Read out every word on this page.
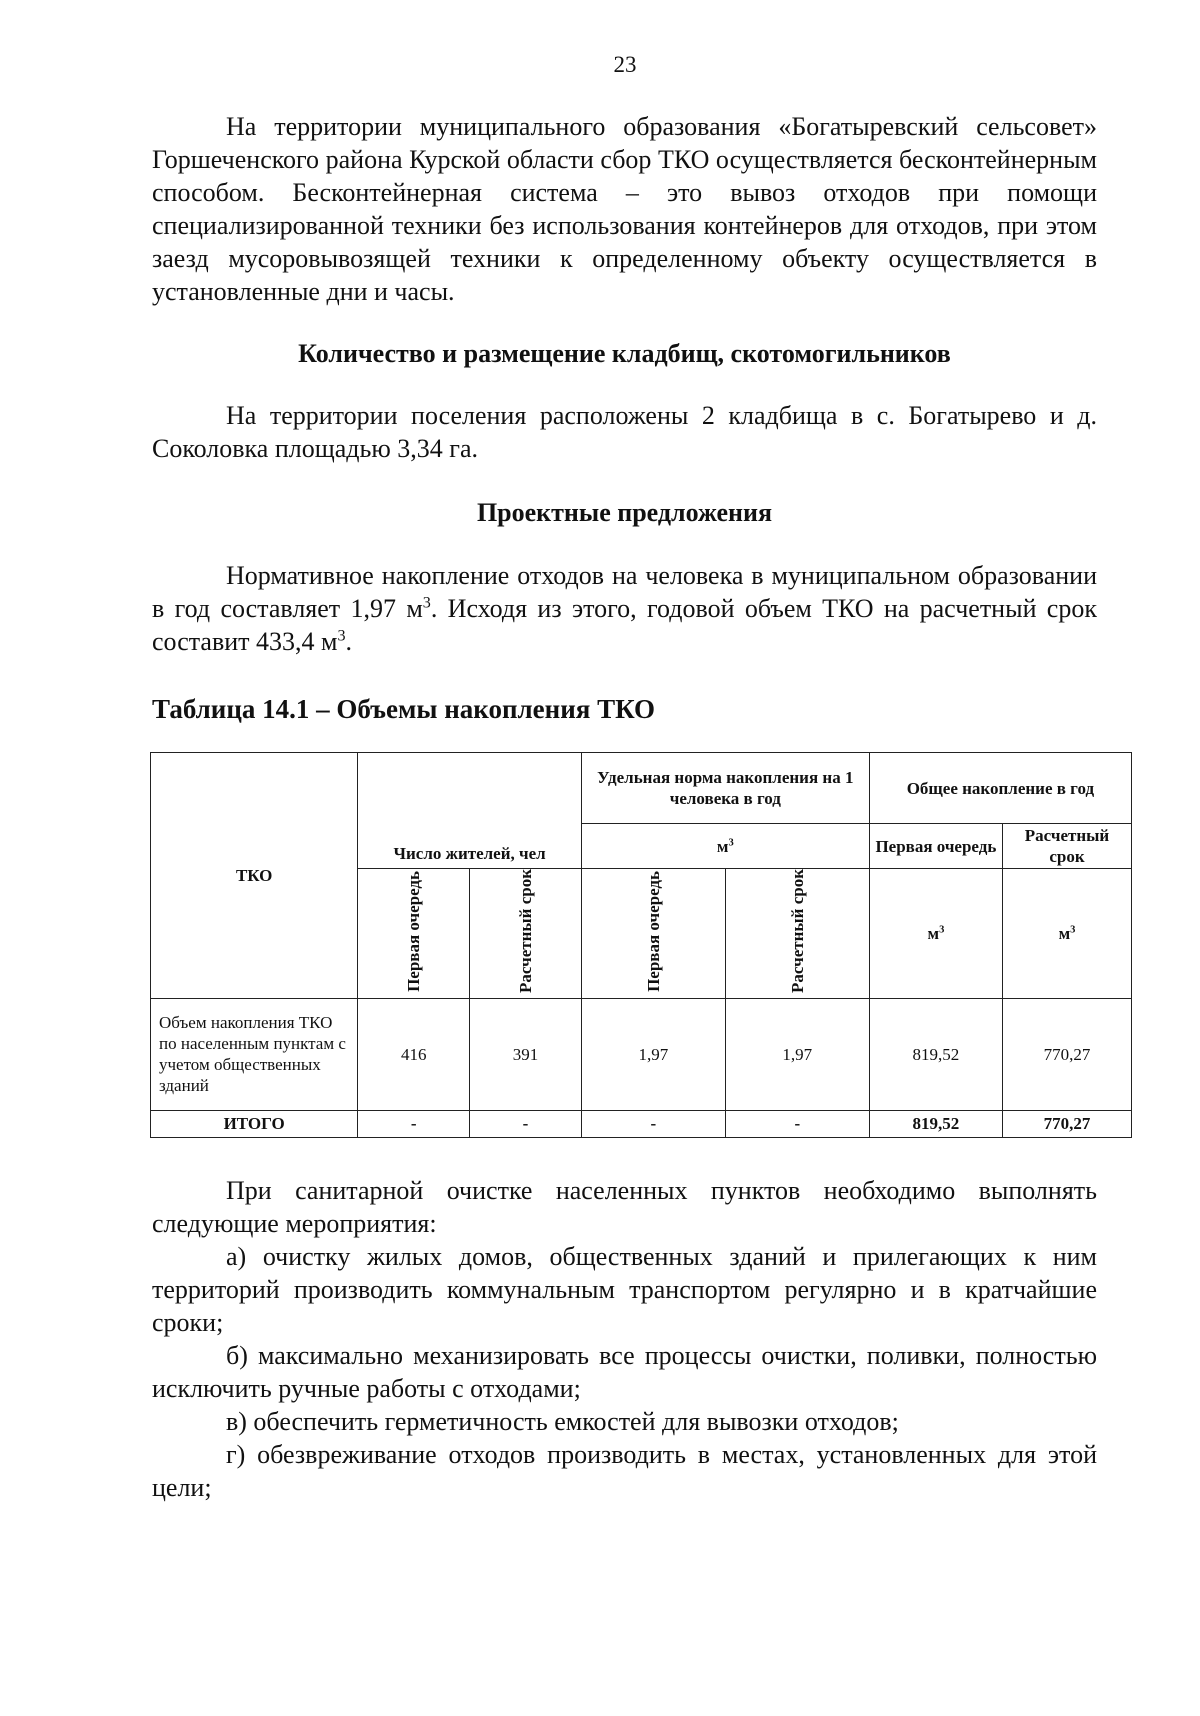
23

На территории муниципального образования «Богатыревский сельсовет» Горшеченского района Курской области сбор ТКО осуществляется бесконтейнерным способом. Бесконтейнерная система – это вывоз отходов при помощи специализированной техники без использования контейнеров для отходов, при этом заезд мусоровывозящей техники к определенному объекту осуществляется в установленные дни и часы.

Количество и размещение кладбищ, скотомогильников

На территории поселения расположены 2 кладбища в с. Богатырево и д. Соколовка площадью 3,34 га.

Проектные предложения

Нормативное накопление отходов на человека в муниципальном образовании в год составляет 1,97 $м^3$. Исходя из этого, годовой объем ТКО на расчетный срок составит 433,4 $м^3$.

Таблица 14.1 – Объемы накопления ТКО
ТКО	Число жителей, чел		Удельная норма накопления на 1 человека в год		Общее накопление в год	
			$м^3$		Первая очередь	Расчетный срок
	Первая очередь	Расчетный срок	Первая очередь	Расчетный срок	$м^3$	$м^3$
Объем накопления ТКО по населенным пунктам с учетом общественных зданий	416	391	1,97	1,97	819,52	770,27
ИТОГО	-	-	-	-	819,52	770,27

При санитарной очистке населенных пунктов необходимо выполнять следующие мероприятия:

а) очистку жилых домов, общественных зданий и прилегающих к ним территорий производить коммунальным транспортом регулярно и в кратчайшие сроки;

б) максимально механизировать все процессы очистки, поливки, полностью исключить ручные работы с отходами;

в) обеспечить герметичность емкостей для вывозки отходов;

г) обезвреживание отходов производить в местах, установленных для этой цели;
